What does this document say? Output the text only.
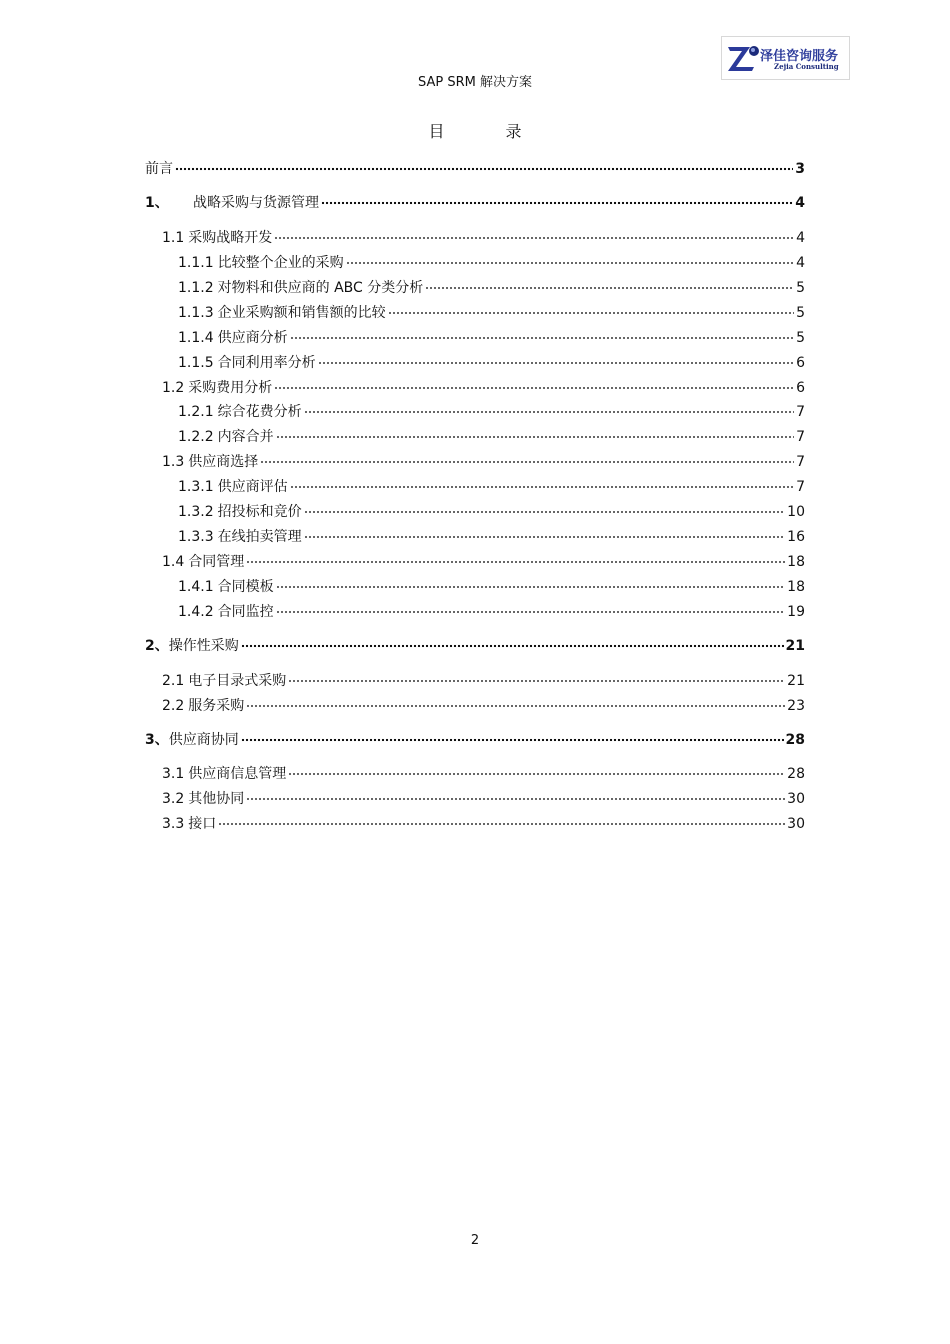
泽佳咨询服务
Zejia Consulting
SAP SRM 解决方案
目 录
前言	3
1、	战略采购与货源管理	4
1.1 采购战略开发	4
1.1.1 比较整个企业的采购	4
1.1.2 对物料和供应商的 ABC 分类分析	5
1.1.3 企业采购额和销售额的比较	5
1.1.4 供应商分析	5
1.1.5 合同利用率分析	6
1.2 采购费用分析	6
1.2.1 综合花费分析	7
1.2.2 内容合并	7
1.3 供应商选择	7
1.3.1 供应商评估	7
1.3.2 招投标和竞价	10
1.3.3 在线拍卖管理	16
1.4 合同管理	18
1.4.1 合同模板	18
1.4.2 合同监控	19
2、 操作性采购	21
2.1 电子目录式采购	21
2.2 服务采购	23
3、 供应商协同	28
3.1 供应商信息管理	28
3.2 其他协同	30
3.3 接口	30
2
